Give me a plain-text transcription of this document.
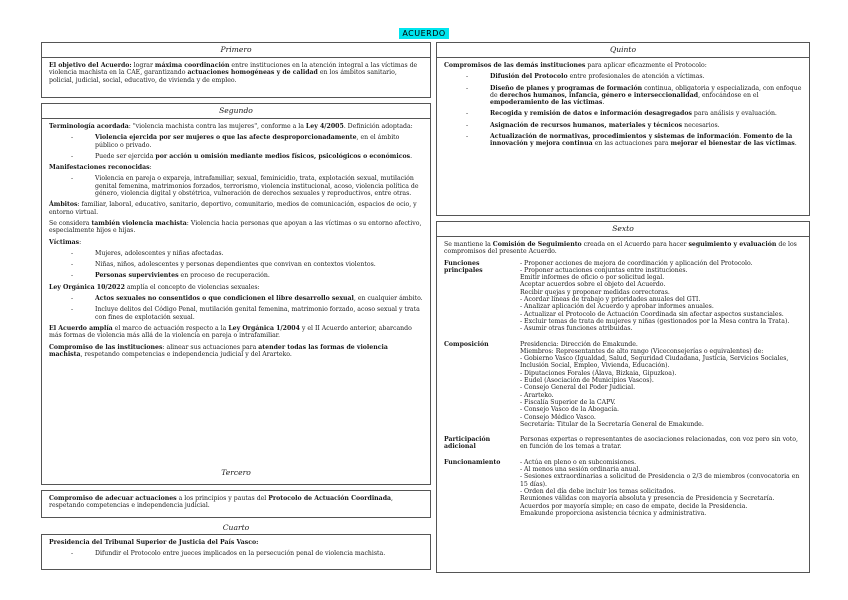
ACUERDO
Primero

El objetivo del Acuerdo: lograr máxima coordinación entre instituciones en la atención integral a las víctimas de violencia machista en la CAE, garantizando actuaciones homogéneas y de calidad en los ámbitos sanitario, policial, judicial, social, educativo, de vivienda y de empleo.

Segundo

Terminología acordada: "violencia machista contra las mujeres", conforme a la Ley 4/2005. Definición adoptada:

- Violencia ejercida por ser mujeres o que las afecte desproporcionadamente, en el ámbito público o privado.
- Puede ser ejercida por acción u omisión mediante medios físicos, psicológicos o económicos.

Manifestaciones reconocidas:

- Violencia en pareja o expareja, intrafamiliar, sexual, feminicidio, trata, explotación sexual, mutilación genital femenina, matrimonios forzados, terrorismo, violencia institucional, acoso, violencia política de género, violencia digital y obstétrica, vulneración de derechos sexuales y reproductivos, entre otras.

Ámbitos: familiar, laboral, educativo, sanitario, deportivo, comunitario, medios de comunicación, espacios de ocio, y entorno virtual.

Se considera también violencia machista: Violencia hacia personas que apoyan a las víctimas o su entorno afectivo, especialmente hijos e hijas.

Víctimas:

- Mujeres, adolescentes y niñas afectadas.
- Niñas, niños, adolescentes y personas dependientes que convivan en contextos violentos.
- Personas supervivientes en proceso de recuperación.

Ley Orgánica 10/2022 amplía el concepto de violencias sexuales:

- Actos sexuales no consentidos o que condicionen el libre desarrollo sexual, en cualquier ámbito.
- Incluye delitos del Código Penal, mutilación genital femenina, matrimonio forzado, acoso sexual y trata con fines de explotación sexual.

El Acuerdo amplía el marco de actuación respecto a la Ley Orgánica 1/2004 y el II Acuerdo anterior, abarcando más formas de violencia más allá de la violencia en pareja o intrafamiliar.

Compromiso de las instituciones: alinear sus actuaciones para atender todas las formas de violencia machista, respetando competencias e independencia judicial y del Ararteko.

Compromiso de adecuar actuaciones a los principios y pautas del Protocolo de Actuación Coordinada, respetando competencias e independencia judicial.

Tercero
Cuarto

Presidencia del Tribunal Superior de Justicia del País Vasco:

- Difundir el Protocolo entre jueces implicados en la persecución penal de violencia machista.
Quinto

Compromisos de las demás instituciones para aplicar eficazmente el Protocolo:

- Difusión del Protocolo entre profesionales de atención a víctimas.
- Diseño de planes y programas de formación continua, obligatoria y especializada, con enfoque de derechos humanos, infancia, género e interseccionalidad, enfocándose en el empoderamiento de las víctimas.
- Recogida y remisión de datos e información desagregados para análisis y evaluación.
- Asignación de recursos humanos, materiales y técnicos necesarios.
- Actualización de normativas, procedimientos y sistemas de información. Fomento de la innovación y mejora continua en las actuaciones para mejorar el bienestar de las víctimas.
Sexto

Se mantiene la Comisión de Seguimiento creada en el Acuerdo para hacer seguimiento y evaluación de los compromisos del presente Acuerdo.

Funciones principales
- Proponer acciones de mejora de coordinación y aplicación del Protocolo.
- Proponer actuaciones conjuntas entre instituciones.
Emitir informes de oficio o por solicitud legal.
Aceptar acuerdos sobre el objeto del Acuerdo.
Recibir quejas y proponer medidas correctoras.
- Acordar líneas de trabajo y prioridades anuales del GTI.
- Analizar aplicación del Acuerdo y aprobar informes anuales.
- Actualizar el Protocolo de Actuación Coordinada sin afectar aspectos sustanciales.
- Excluir temas de trata de mujeres y niñas (gestionados por la Mesa contra la Trata).
- Asumir otras funciones atribuidas.
Composición	Presidencia: Dirección de Emakunde.
Miembros: Representantes de alto rango (Viceconsejerías o equivalentes) de:
- Gobierno Vasco (Igualdad, Salud, Seguridad Ciudadana, Justicia, Servicios Sociales, Inclusión Social, Empleo, Vivienda, Educación).
- Diputaciones Forales (Álava, Bizkaia, Gipuzkoa).
- Eudel (Asociación de Municipios Vascos).
- Consejo General del Poder Judicial.
- Ararteko.
- Fiscalía Superior de la CAPV.
- Consejo Vasco de la Abogacía.
- Consejo Médico Vasco.
Secretaría: Titular de la Secretaría General de Emakunde.
Participación adicional
Personas expertas o representantes de asociaciones relacionadas, con voz pero sin voto, en función de los temas a tratar.
Funcionamiento	- Actúa en pleno o en subcomisiones.
- Al menos una sesión ordinaria anual.
- Sesiones extraordinarias a solicitud de Presidencia o 2/3 de miembros (convocatoria en 15 días).
- Orden del día debe incluir los temas solicitados.
Reuniones válidas con mayoría absoluta y presencia de Presidencia y Secretaría.
Acuerdos por mayoría simple; en caso de empate, decide la Presidencia.
Emakunde proporciona asistencia técnica y administrativa.
